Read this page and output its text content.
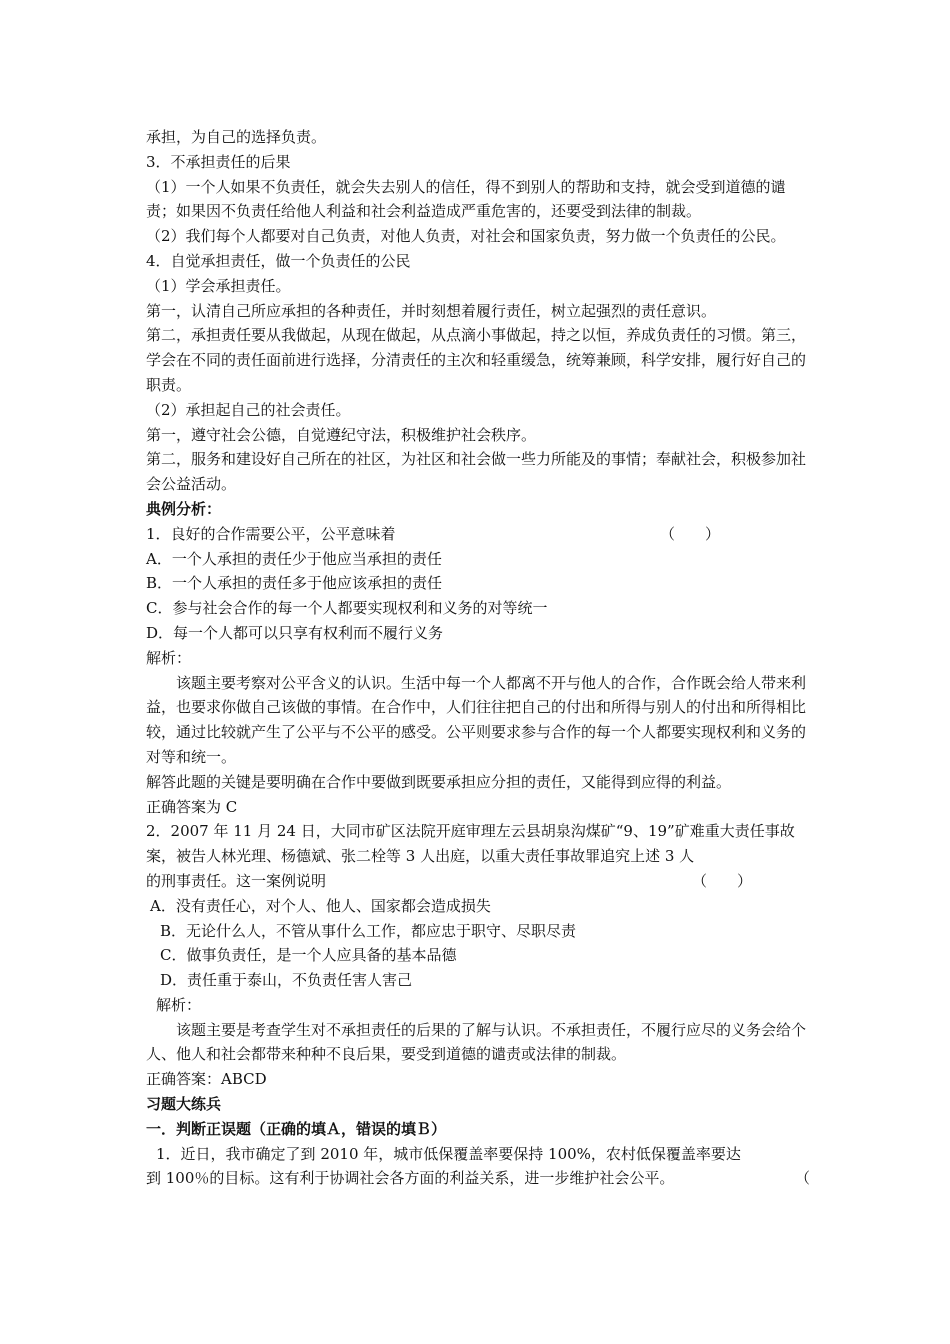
承担，为自己的选择负责。

3．不承担责任的后果

（1）一个人如果不负责任，就会失去别人的信任，得不到别人的帮助和支持，就会受到道德的谴责；如果因不负责任给他人利益和社会利益造成严重危害的，还要受到法律的制裁。

（2）我们每个人都要对自己负责，对他人负责，对社会和国家负责，努力做一个负责任的公民。

4．自觉承担责任，做一个负责任的公民

（1）学会承担责任。

第一，认清自己所应承担的各种责任，并时刻想着履行责任，树立起强烈的责任意识。

第二，承担责任要从我做起，从现在做起，从点滴小事做起，持之以恒，养成负责任的习惯。第三，学会在不同的责任面前进行选择，分清责任的主次和轻重缓急，统筹兼顾，科学安排，履行好自己的职责。

（2）承担起自己的社会责任。

第一，遵守社会公德，自觉遵纪守法，积极维护社会秩序。

第二，服务和建设好自己所在的社区，为社区和社会做一些力所能及的事情；奉献社会，积极参加社会公益活动。

典例分析：

1．良好的合作需要公平，公平意味着	（　　）

A．一个人承担的责任少于他应当承担的责任

B．一个人承担的责任多于他应该承担的责任

C．参与社会合作的每一个人都要实现权利和义务的对等统一

D．每一个人都可以只享有权利而不履行义务

解析：

该题主要考察对公平含义的认识。生活中每一个人都离不开与他人的合作，合作既会给人带来利益，也要求你做自己该做的事情。在合作中，人们往往把自己的付出和所得与别人的付出和所得相比较，通过比较就产生了公平与不公平的感受。公平则要求参与合作的每一个人都要实现权利和义务的对等和统一。

解答此题的关键是要明确在合作中要做到既要承担应分担的责任，又能得到应得的利益。

正确答案为 C

2．2007 年 11 月 24 日，大同市矿区法院开庭审理左云县胡泉沟煤矿“9、19”矿难重大责任事故案，被告人林光理、杨德斌、张二栓等 3 人出庭，以重大责任事故罪追究上述 3 人

的刑事责任。这一案例说明	（　　）

A．没有责任心，对个人、他人、国家都会造成损失

B．无论什么人，不管从事什么工作，都应忠于职守、尽职尽责

C．做事负责任，是一个人应具备的基本品德

D．责任重于泰山，不负责任害人害己

解析：

该题主要是考查学生对不承担责任的后果的了解与认识。不承担责任，不履行应尽的义务会给个人、他人和社会都带来种种不良后果，要受到道德的谴责或法律的制裁。

正确答案：ABCD

习题大练兵

一．判断正误题（正确的填Ａ，错误的填Ｂ）

1．近日，我市确定了到 2010 年，城市低保覆盖率要保持 100%，农村低保覆盖率要达

到 100％的目标。这有利于协调社会各方面的利益关系，进一步维护社会公平。	（
